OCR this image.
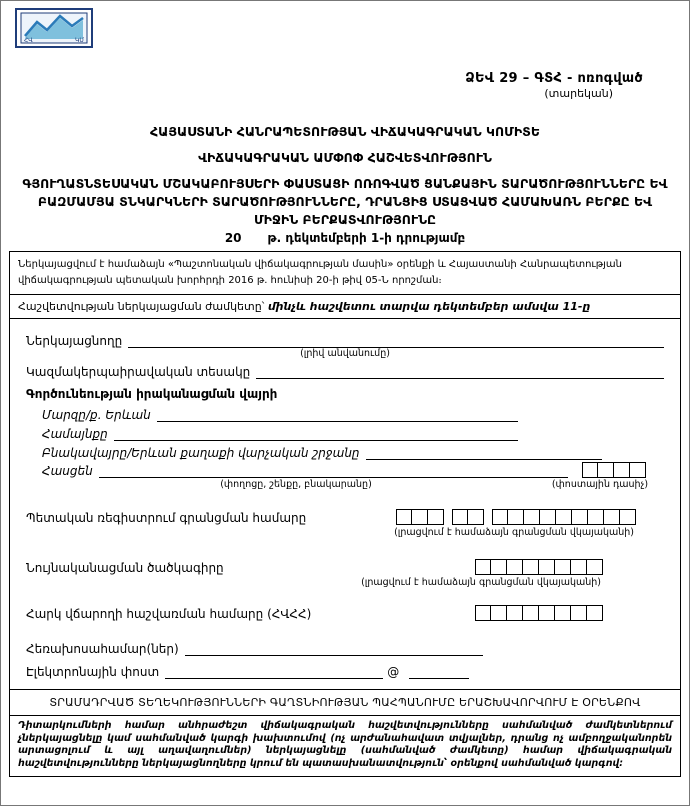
ՀՎ	ԿՄ
ՁԵՎ 29 – ԳՏՀ - ոռոգված
(տարեկան)
ՀԱՅԱՍՏԱՆԻ ՀԱՆՐԱՊԵՏՈՒԹՅԱՆ ՎԻՃԱԿԱԳՐԱԿԱՆ ԿՈՄԻՏԵ
ՎԻՃԱԿԱԳՐԱԿԱՆ ԱՄՓՈՓ ՀԱՇՎԵՏՎՈՒԹՅՈՒՆ
ԳՅՈՒՂԱՏՆՏԵՍԱԿԱՆ ՄՇԱԿԱԲՈՒՅՍԵՐԻ ՓԱՍՏԱՑԻ ՈՌՈԳՎԱԾ ՑԱՆՔԱՅԻՆ ՏԱՐԱԾՈՒԹՅՈՒՆՆԵՐԸ ԵՎ ԲԱԶՄԱՄՅԱ ՏՆԿԱՐԿՆԵՐԻ ՏԱՐԱԾՈՒԹՅՈՒՆՆԵՐԸ, ԴՐԱՆՑԻՑ ՍՏԱՑՎԱԾ ՀԱՄԱԽԱՌՆ ԲԵՐՔԸ ԵՎ ՄԻՋԻՆ ԲԵՐՔԱՏՎՈՒԹՅՈՒՆԸ
20 թ. դեկտեմբերի 1-ի դրությամբ
Ներկայացվում է համաձայն «Պաշտոնական վիճակագրության մասին» օրենքի և Հայաստանի Հանրապետության վիճակագրության պետական խորհրդի 2016 թ. հունիսի 20-ի թիվ 05-Ն որոշման։
Հաշվետվության ներկայացման ժամկետը՝ մինչև հաշվետու տարվա դեկտեմբեր ամսվա 11-ը
Ներկայացնողը
(լրիվ անվանումը)
Կազմակերպաիրավական տեսակը
Գործունեության իրականացման վայրի
Մարզը/ք. Երևան
Համայնքը
Բնակավայրը/Երևան քաղաքի վարչական շրջանը
Հասցեն
(փողոցը, շենքը, բնակարանը)	(փոստային դասիչ)
Պետական ռեգիստրում գրանցման համարը
(լրացվում է համաձայն գրանցման վկայականի)
Նույնականացման ծածկագիրը
(լրացվում է համաձայն գրանցման վկայականի)
Հարկ վճարողի հաշվառման համարը (ՀՎՀՀ)
Հեռախոսահամար(ներ)
Էլեկտրոնային փոստ	@
ՏՐԱՄԱԴՐՎԱԾ ՏԵՂԵԿՈՒԹՅՈՒՆՆԵՐԻ ԳԱՂՏՆԻՈՒԹՅԱՆ ՊԱՀՊԱՆՈՒՄԸ ԵՐԱՇԽԱՎՈՐՎՈՒՄ Է ՕՐԵՆՔՈՎ
Դիտարկումների համար անհրաժեշտ վիճակագրական հաշվետվությունները սահմանված ժամկետներում չներկայացնելը կամ սահմանված կարգի խախտումով (ոչ արժանահավատ տվյալներ, դրանց ոչ ամբողջականորեն արտացոլում և այլ աղավաղումներ) ներկայացնելը (սահմանված ժամկետը) համար վիճակագրական հաշվետվությունները ներկայացնողները կրում են պատասխանատվություն՝ օրենքով սահմանված կարգով։
